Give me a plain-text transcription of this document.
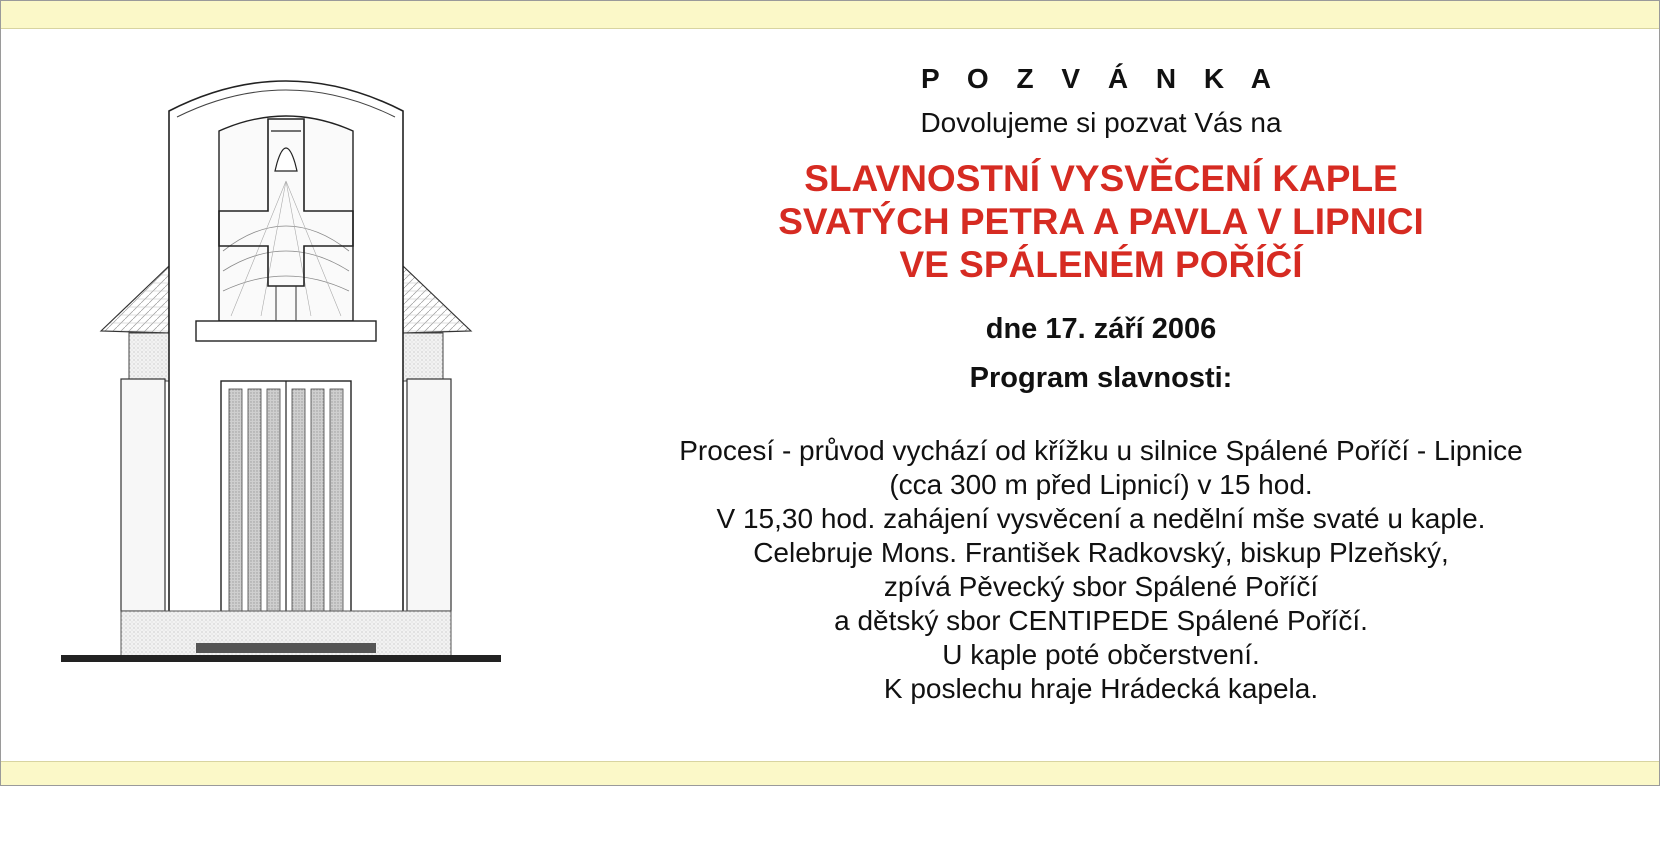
P O Z V Á N K A

Dovolujeme si pozvat Vás na

SLAVNOSTNÍ VYSVĚCENÍ KAPLE

SVATÝCH PETRA A PAVLA V LIPNICI

VE SPÁLENÉM POŘÍČÍ

dne 17. září 2006

Program slavnosti:

Procesí - průvod vychází od křížku u silnice Spálené Poříčí - Lipnice

(cca 300 m před Lipnicí) v 15 hod.

V 15,30 hod. zahájení vysvěcení a nedělní mše svaté u kaple.

Celebruje Mons. František Radkovský, biskup Plzeňský,

zpívá Pěvecký sbor Spálené Poříčí

a dětský sbor CENTIPEDE Spálené Poříčí.

U kaple poté občerstvení.

K poslechu hraje Hrádecká kapela.
